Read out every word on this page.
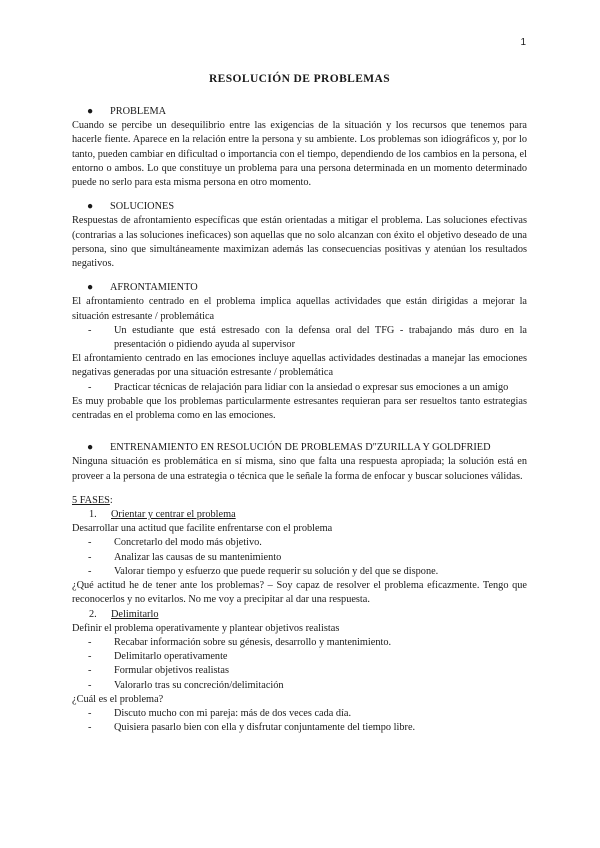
1
RESOLUCIÓN DE PROBLEMAS
●	PROBLEMA

Cuando se percibe un desequilibrio entre las exigencias de la situación y los recursos que tenemos para hacerle fiente. Aparece en la relación entre la persona y su ambiente. Los problemas son idiográficos y, por lo tanto, pueden cambiar en dificultad o importancia con el tiempo, dependiendo de los cambios en la persona, el entorno o ambos. Lo que constituye un problema para una persona determinada en un momento determinado puede no serlo para esta misma persona en otro momento.

●	SOLUCIONES

Respuestas de afrontamiento específicas que están orientadas a mitigar el problema. Las soluciones efectivas (contrarias a las soluciones ineficaces) son aquellas que no solo alcanzan con éxito el objetivo deseado de una persona, sino que simultáneamente maximizan además las consecuencias positivas y atenúan los resultados negativos.

●	AFRONTAMIENTO

El afrontamiento centrado en el problema implica aquellas actividades que están dirigidas a mejorar la situación estresante / problemática

-	Un estudiante que está estresado con la defensa oral del TFG - trabajando más duro en la presentación o pidiendo ayuda al supervisor

El afrontamiento centrado en las emociones incluye aquellas actividades destinadas a manejar las emociones negativas generadas por una situación estresante / problemática

-	Practicar técnicas de relajación para lidiar con la ansiedad o expresar sus emociones a un amigo

Es muy probable que los problemas particularmente estresantes requieran para ser resueltos tanto estrategias centradas en el problema como en las emociones.

●	ENTRENAMIENTO EN RESOLUCIÓN DE PROBLEMAS D"ZURILLA Y GOLDFRIED

Ninguna situación es problemática en sí misma, sino que falta una respuesta apropiada; la solución está en proveer a la persona de una estrategia o técnica que le señale la forma de enfocar y buscar soluciones válidas.

5 FASES:

1.	Orientar y centrar el problema

Desarrollar una actitud que facilite enfrentarse con el problema

-	Concretarlo del modo más objetivo.
-	Analizar las causas de su mantenimiento
-	Valorar tiempo y esfuerzo que puede requerir su solución y del que se dispone.

¿Qué actitud he de tener ante los problemas? – Soy capaz de resolver el problema eficazmente. Tengo que reconocerlos y no evitarlos. No me voy a precipitar al dar una respuesta.

2.	Delimitarlo

Definir el problema operativamente y plantear objetivos realistas

-	Recabar información sobre su génesis, desarrollo y mantenimiento.
-	Delimitarlo operativamente
-	Formular objetivos realistas
-	Valorarlo tras su concreción/delimitación

¿Cuál es el problema?

-	Discuto mucho con mi pareja: más de dos veces cada día.
-	Quisiera pasarlo bien con ella y disfrutar conjuntamente del tiempo libre.
